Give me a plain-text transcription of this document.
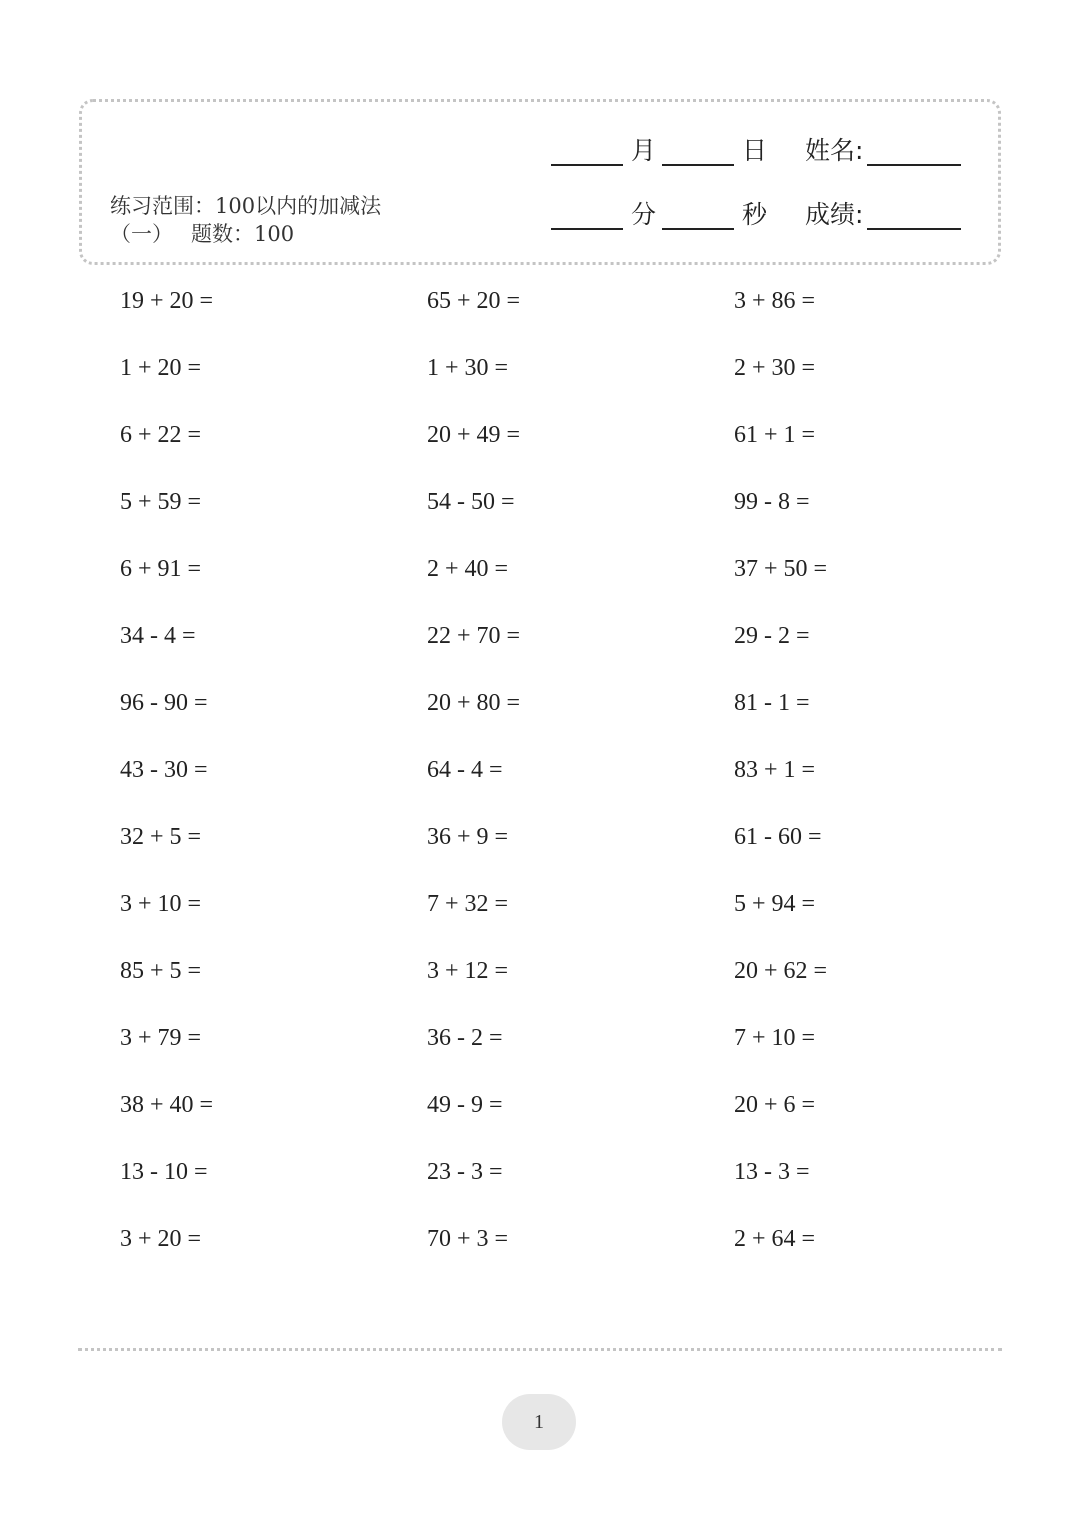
练习范围：100以内的加减法
（一） 题数：100
月	日 姓名:
分	秒 成绩:
19 + 20 =
1 + 20 =
6 + 22 =
5 + 59 =
6 + 91 =
34 - 4 =
96 - 90 =
43 - 30 =
32 + 5 =
3 + 10 =
85 + 5 =
3 + 79 =
38 + 40 =
13 - 10 =
3 + 20 =
65 + 20 =
1 + 30 =
20 + 49 =
54 - 50 =
2 + 40 =
22 + 70 =
20 + 80 =
64 - 4 =
36 + 9 =
7 + 32 =
3 + 12 =
36 - 2 =
49 - 9 =
23 - 3 =
70 + 3 =
3 + 86 =
2 + 30 =
61 + 1 =
99 - 8 =
37 + 50 =
29 - 2 =
81 - 1 =
83 + 1 =
61 - 60 =
5 + 94 =
20 + 62 =
7 + 10 =
20 + 6 =
13 - 3 =
2 + 64 =
1
